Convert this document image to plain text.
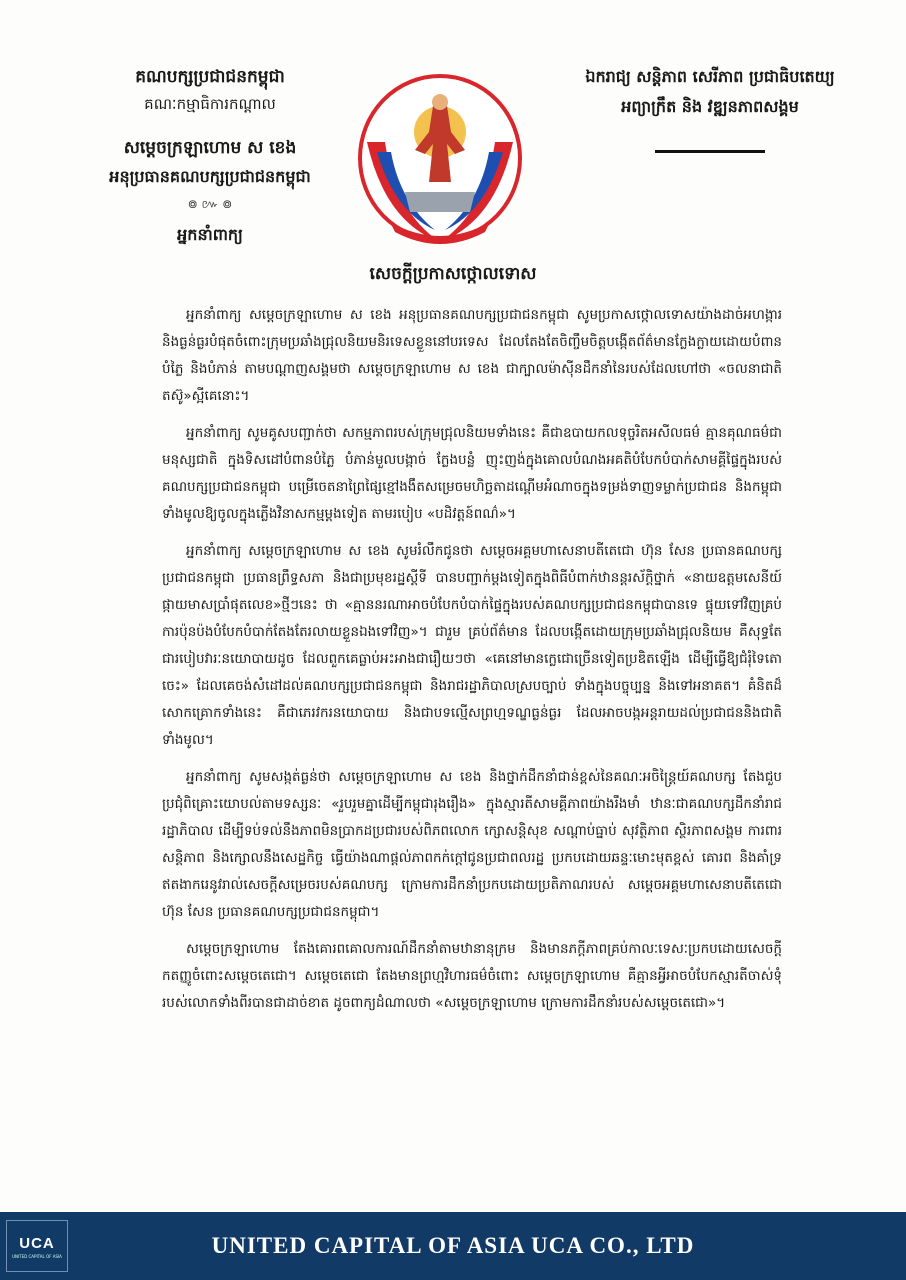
គណបក្សប្រជាជនកម្ពុជា
គណៈកម្មាធិការកណ្ដាល
សម្ដេចក្រឡាហោម ស ខេង
អនុប្រធានគណបក្សប្រជាជនកម្ពុជា
៙ ៚ ៙
អ្នកនាំពាក្យ
ឯករាជ្យ សន្តិភាព សេរីភាព ប្រជាធិបតេយ្យ
អព្យាក្រឹត និង វឌ្ឍនភាពសង្គម
សេចក្ដីប្រកាសថ្កោលទោស

អ្នកនាំពាក្យ សម្ដេចក្រឡាហោម ស ខេង អនុប្រធានគណបក្សប្រជាជនកម្ពុជា សូមប្រកាសថ្កោលទោសយ៉ាងដាច់អហង្ការ និងធ្ងន់ធ្ងរបំផុតចំពោះក្រុមប្រឆាំងជ្រុលនិយមនិរទេសខ្លួននៅបរទេស ដែលតែងតែចិញ្ចឹមចិត្តបង្កើតព័ត៌មានក្លែងក្លាយដោយបំពាន បំភ្លៃ និងបំភាន់ តាមបណ្ដាញសង្គមថា សម្ដេចក្រឡាហោម ស ខេង ជាក្បាលម៉ាស៊ីនដឹកនាំនៃរបស់ដែលហៅថា «ចលនាជាតិតស៊ូ»ស្អីគេនោះ។

អ្នកនាំពាក្យ សូមគូសបញ្ជាក់ថា សកម្មភាពរបស់ក្រុមជ្រុលនិយមទាំងនេះ គឺជាឧបាយកលទុច្ចរិតអសីលធម៌ គ្មានគុណធម៌ជាមនុស្សជាតិ ក្នុងទិសដៅបំពានបំភ្លៃ បំភាន់មួលបង្កាច់ ក្លែងបន្លំ ញុះញង់ក្នុងគោលបំណងអគតិបំបែកបំបាក់សាមគ្គីផ្ទៃក្នុងរបស់គណបក្សប្រជាជនកម្ពុជា បម្រើចេតនាព្រៃផ្សៃខ្មៅងងឹតសម្រេចមហិច្ឆតាដណ្ដើមអំណាចក្នុងទម្រង់ទាញទម្លាក់ប្រជាជន និងកម្ពុជាទាំងមូលឱ្យចូលក្នុងភ្លើងវិនាសកម្មម្ដងទៀត តាមរបៀប «បដិវត្តន៍ពណ៌»។

អ្នកនាំពាក្យ សម្ដេចក្រឡាហោម ស ខេង សូមរំលឹកជូនថា សម្ដេចអគ្គមហាសេនាបតីតេជោ ហ៊ុន សែន ប្រធានគណបក្សប្រជាជនកម្ពុជា ប្រធានព្រឹទ្ធសភា និងជាប្រមុខរដ្ឋស្តីទី បានបញ្ជាក់ម្ដងទៀតក្នុងពិធីបំពាក់ឋានន្តរស័ក្តិថ្នាក់ «នាយឧត្តមសេនីយ៍ផ្កាយមាសប្រាំផុតលេខ»ថ្មីៗនេះ ថា «គ្មាននរណាអាចបំបែកបំបាក់ផ្ទៃក្នុងរបស់គណបក្សប្រជាជនកម្ពុជាបានទេ ផ្ទុយទៅវិញគ្រប់ការប៉ុនប៉ងបំបែកបំបាក់តែងតែរលាយខ្លួនឯងទៅវិញ»។ ជារួម គ្រប់ព័ត៌មាន ដែលបង្កើតដោយក្រុមប្រឆាំងជ្រុលនិយម គឺសុទ្ធតែជារបៀបវារៈនយោបាយដូច ដែលពួកគេធ្លាប់អះអាងជារឿយៗថា «គេនៅមានក្លេជោច្រើនទៀតប្រឌិតឡើង ដើម្បីធ្វើឱ្យជំរុំទៃតោចេះ» ដែលគេចង់សំដៅដល់គណបក្សប្រជាជនកម្ពុជា និងរាជរដ្ឋាភិបាលស្របច្បាប់ ទាំងក្នុងបច្ចុប្បន្ន និងទៅអនាគត។ គំនិតដ៏សោកគ្រោកទាំងនេះ គឺជាភេរវករនយោបាយ និងជាបទល្មើសព្រហ្មទណ្ឌធ្ងន់ធ្ងរ ដែលអាចបង្កអន្តរាយដល់ប្រជាជននិងជាតិទាំងមូល។

អ្នកនាំពាក្យ សូមសង្កត់ធ្ងន់ថា សម្ដេចក្រឡាហោម ស ខេង និងថ្នាក់ដឹកនាំជាន់ខ្ពស់នៃគណៈអចិន្ត្រៃយ៍គណបក្ស តែងជួបប្រជុំពិគ្រោះយោបល់តាមទស្សនៈ «រួបរួមគ្នាដើម្បីកម្ពុជារុងរឿង» ក្នុងស្មារតីសាមគ្គីភាពយ៉ាងរឹងមាំ ឋានៈជាគណបក្សដឹកនាំរាជរដ្ឋាភិបាល ដើម្បីទប់ទល់នឹងភាពមិនប្រាកដប្រជារបស់ពិភពលោក ក្សោសន្តិសុខ សណ្ដាប់ធ្នាប់ សុវត្ថិភាព ស្ថិរភាពសង្គម ការពារសន្តិភាព និងក្សោលនឹងសេដ្ឋកិច្ច ធ្វើយ៉ាងណាផ្ដល់ភាពកក់ក្ដៅជូនប្រជាពលរដ្ឋ ប្រកបដោយឆន្ទៈមោះមុតខ្ពស់ គោរព និងគាំទ្រឥតងាករេនូវរាល់សេចក្ដីសម្រេចរបស់គណបក្ស ក្រោមការដឹកនាំប្រកបដោយប្រតិភាណរបស់ សម្ដេចអគ្គមហាសេនាបតីតេជោ ហ៊ុន សែន ប្រធានគណបក្សប្រជាជនកម្ពុជា។

សម្ដេចក្រឡាហោម តែងគោរពគោលការណ៍ដឹកនាំតាមឋានានុក្រម និងមានភក្ដីភាពគ្រប់កាលៈទេសៈប្រកបដោយសេចក្ដីកតញ្ញូចំពោះសម្ដេចតេជោ។ សម្ដេចតេជោ តែងមានព្រហ្មវិហារធម៌ចំពោះ សម្ដេចក្រឡាហោម គឺគ្មានអ្វីអាចបំបែកស្មារតីចាស់ទុំរបស់លោកទាំងពីរបានជាដាច់ខាត ដូចពាក្យដំណាលថា «សម្ដេចក្រឡាហោម ក្រោមការដឹកនាំរបស់សម្ដេចតេជោ»។

UNITED CAPITAL OF ASIA UCA CO., LTD
UCA
UNITED CAPITAL OF ASIA
